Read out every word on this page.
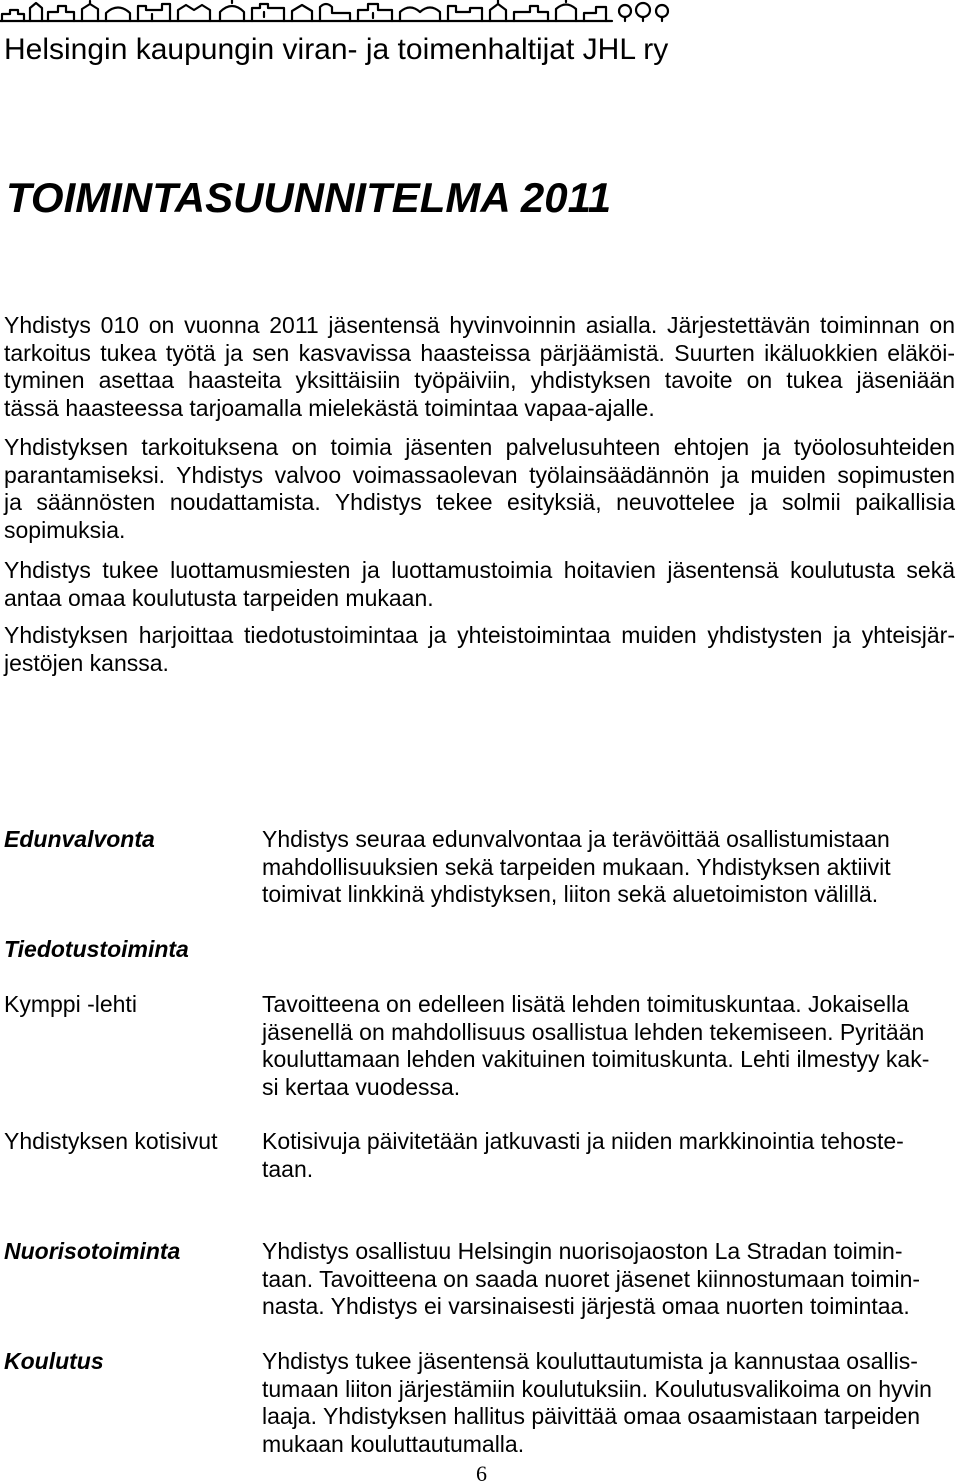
Helsingin kaupungin viran- ja toimenhaltijat JHL ry
TOIMINTASUUNNITELMA 2011
Yhdistys 010 on vuonna 2011 jäsentensä hyvinvoinnin asialla. Järjestettävän toiminnan on
tarkoitus tukea työtä ja sen kasvavissa haasteissa pärjäämistä. Suurten ikäluokkien eläköi-
tyminen asettaa haasteita yksittäisiin työpäiviin, yhdistyksen tavoite on tukea jäseniään
tässä haasteessa tarjoamalla mielekästä toimintaa vapaa-ajalle.
Yhdistyksen tarkoituksena on toimia jäsenten palvelusuhteen ehtojen ja työolosuhteiden
parantamiseksi. Yhdistys valvoo voimassaolevan työlainsäädännön ja muiden sopimusten
ja säännösten noudattamista. Yhdistys tekee esityksiä, neuvottelee ja solmii paikallisia
sopimuksia.
Yhdistys tukee luottamusmiesten ja luottamustoimia hoitavien jäsentensä koulutusta sekä
antaa omaa koulutusta tarpeiden mukaan.
Yhdistyksen harjoittaa tiedotustoimintaa ja yhteistoimintaa muiden yhdistysten ja yhteisjär-
jestöjen kanssa.
Edunvalvonta	Yhdistys seuraa edunvalvontaa ja terävöittää osallistumistaan
mahdollisuuksien sekä tarpeiden mukaan. Yhdistyksen aktiivit
toimivat linkkinä yhdistyksen, liiton sekä aluetoimiston välillä.
Tiedotustoiminta
Kymppi -lehti	Tavoitteena on edelleen lisätä lehden toimituskuntaa. Jokaisella
jäsenellä on mahdollisuus osallistua lehden tekemiseen. Pyritään
kouluttamaan lehden vakituinen toimituskunta. Lehti ilmestyy kak-
si kertaa vuodessa.
Yhdistyksen kotisivut	Kotisivuja päivitetään jatkuvasti ja niiden markkinointia tehoste-
taan.
Nuorisotoiminta	Yhdistys osallistuu Helsingin nuorisojaoston La Stradan toimin-
taan. Tavoitteena on saada nuoret jäsenet kiinnostumaan toimin-
nasta. Yhdistys ei varsinaisesti järjestä omaa nuorten toimintaa.
Koulutus	Yhdistys tukee jäsentensä kouluttautumista ja kannustaa osallis-
tumaan liiton järjestämiin koulutuksiin. Koulutusvalikoima on hyvin
laaja. Yhdistyksen hallitus päivittää omaa osaamistaan tarpeiden
mukaan kouluttautumalla.
6
